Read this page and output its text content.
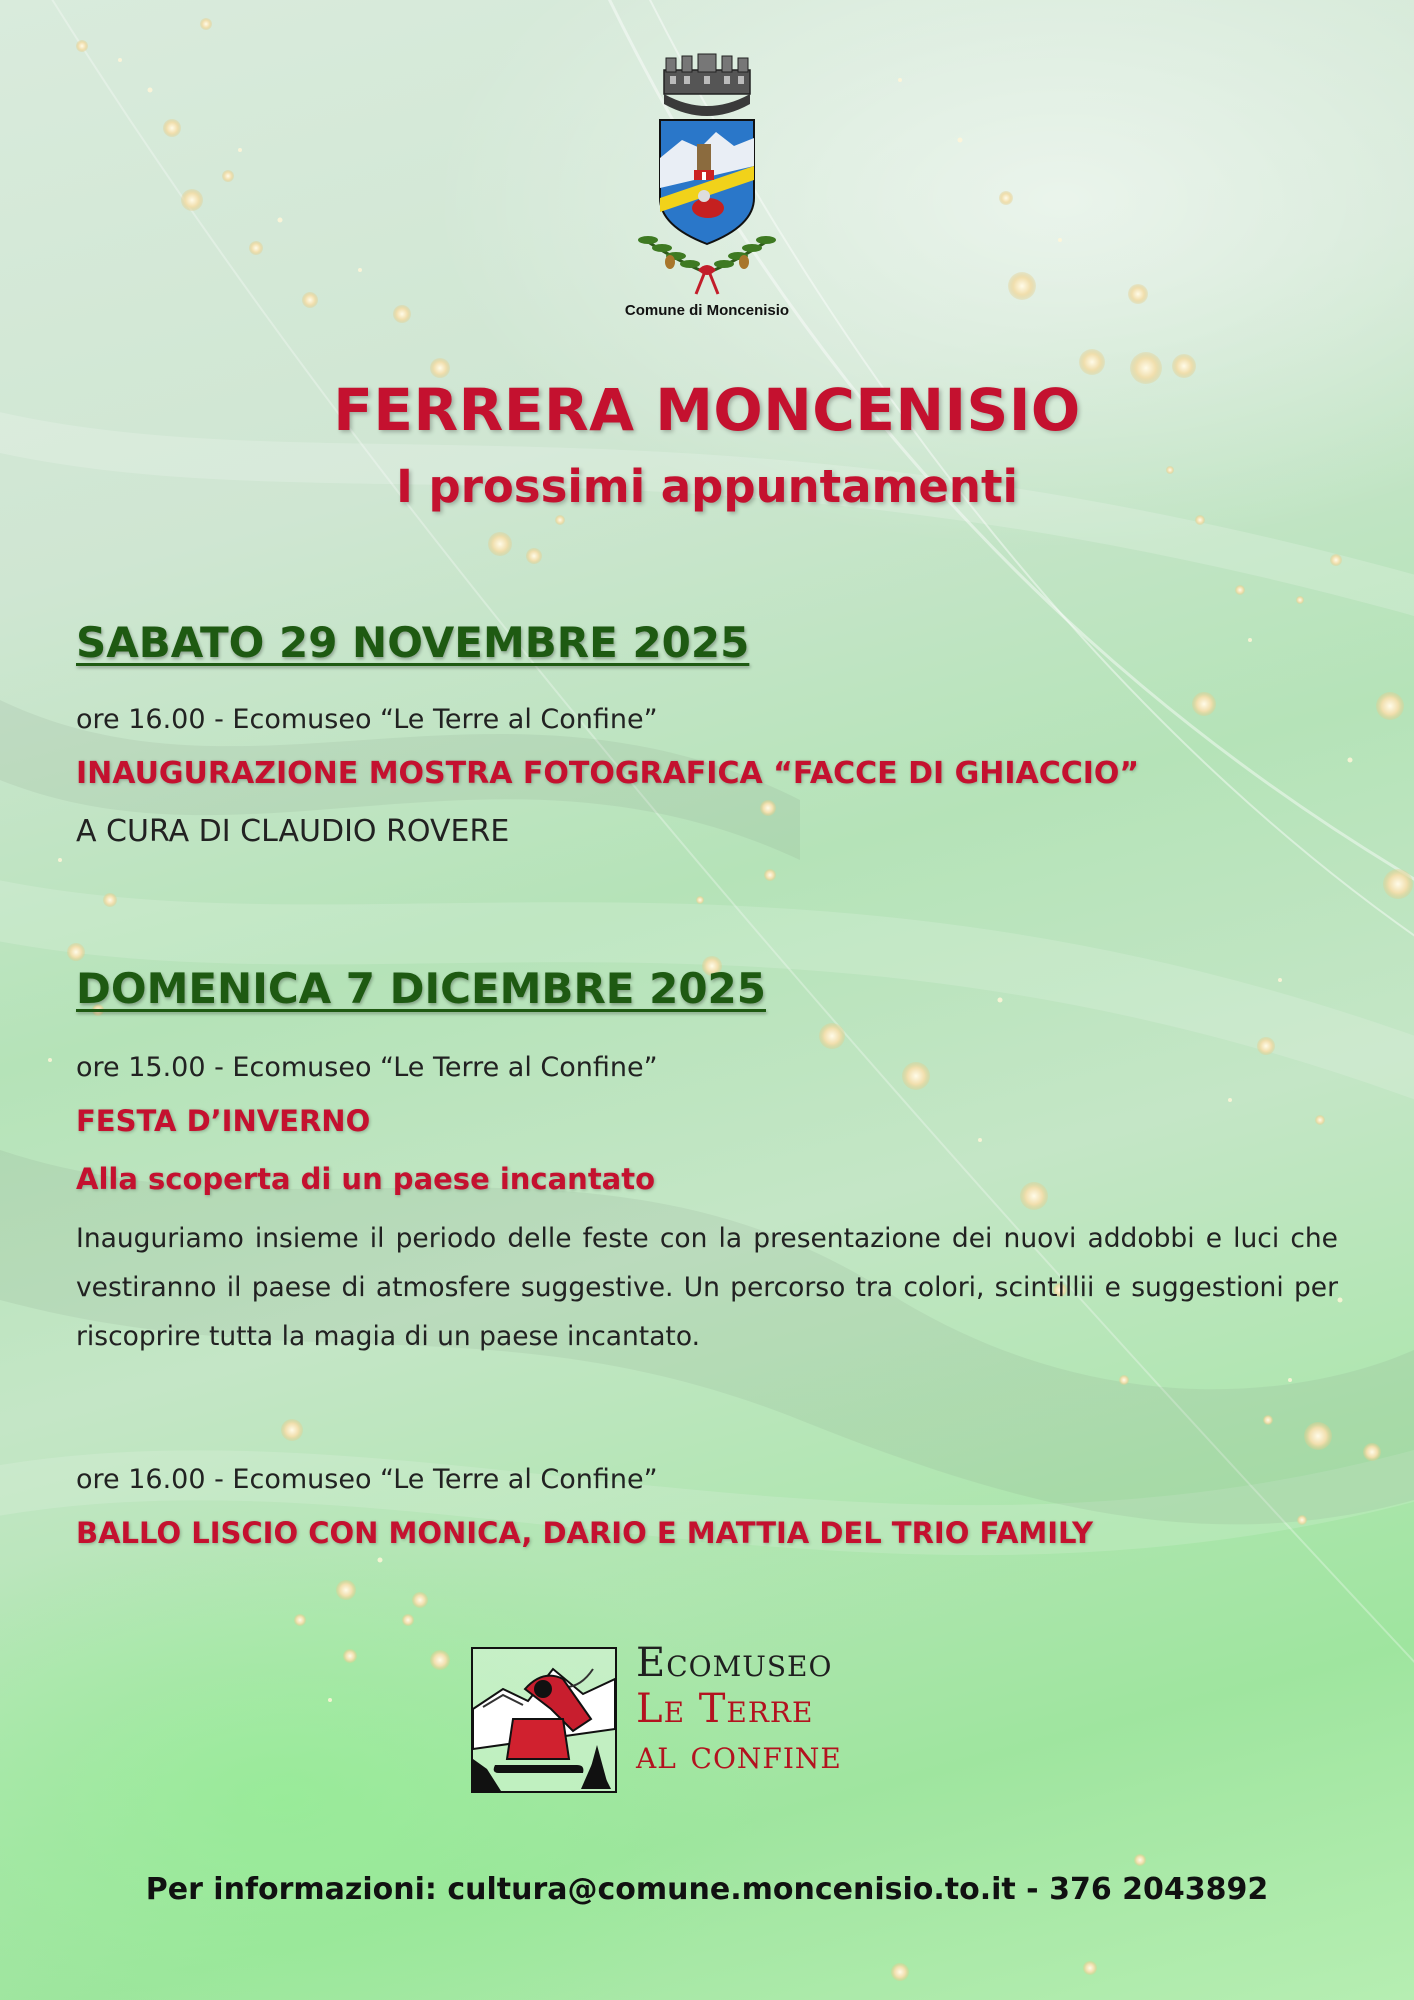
Comune di Moncenisio
FERRERA MONCENISIO
I prossimi appuntamenti
SABATO 29 NOVEMBRE 2025
ore 16.00 - Ecomuseo “Le Terre al Confine”
INAUGURAZIONE MOSTRA FOTOGRAFICA “FACCE DI GHIACCIO”
A CURA DI CLAUDIO ROVERE
DOMENICA 7 DICEMBRE 2025
ore 15.00 - Ecomuseo “Le Terre al Confine”
FESTA D’INVERNO
Alla scoperta di un paese incantato
Inauguriamo insieme il periodo delle feste con la presentazione dei nuovi addobbi e luci che vestiranno il paese di atmosfere suggestive. Un percorso tra colori, scintillii e suggestioni per riscoprire tutta la magia di un paese incantato.
ore 16.00 - Ecomuseo “Le Terre al Confine”
BALLO LISCIO CON MONICA, DARIO E MATTIA DEL TRIO FAMILY
Ecomuseo
Le Terre
al confine
Per informazioni: cultura@comune.moncenisio.to.it - 376 2043892
